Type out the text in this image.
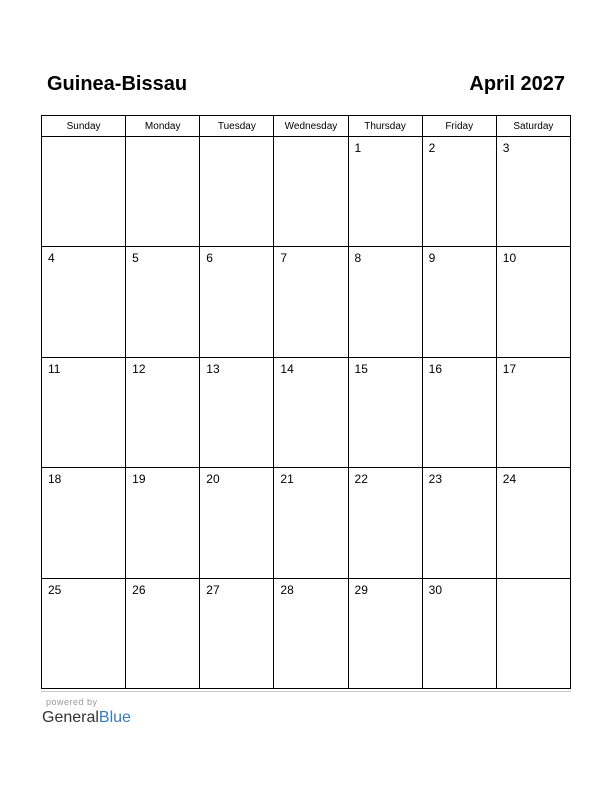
Guinea-Bissau	April 2027
Sunday	Monday	Tuesday	Wednesday	Thursday	Friday	Saturday

				1	2	3

4	5	6	7	8	9	10

11	12	13	14	15	16	17

18	19	20	21	22	23	24

25	26	27	28	29	30	

powered by
GeneralBlue
